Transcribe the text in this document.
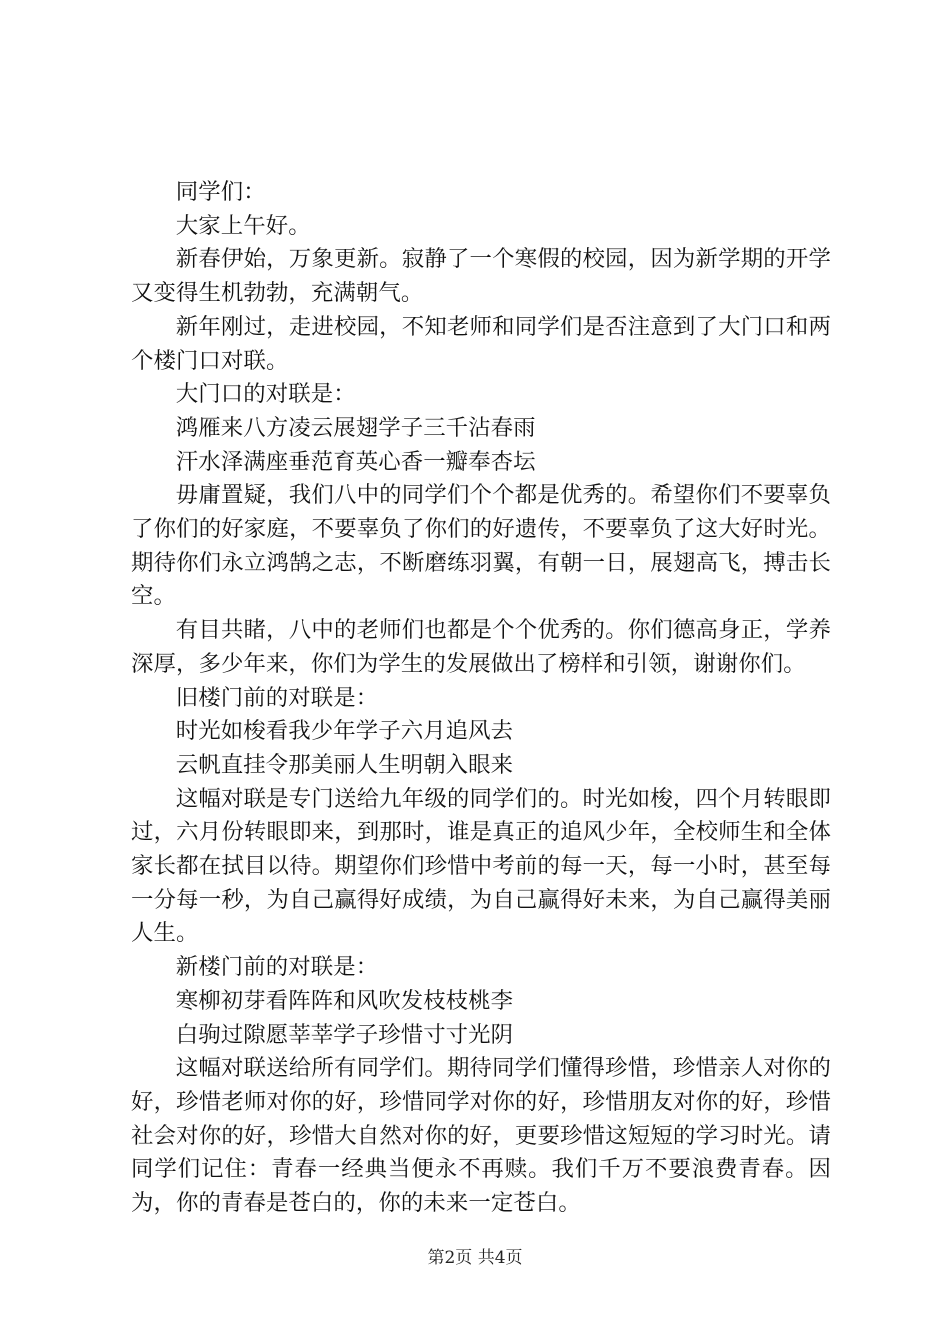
同学们：

大家上午好。

新春伊始，万象更新。寂静了一个寒假的校园，因为新学期的开学又变得生机勃勃，充满朝气。

新年刚过，走进校园，不知老师和同学们是否注意到了大门口和两个楼门口对联。

大门口的对联是：

鸿雁来八方凌云展翅学子三千沾春雨

汗水泽满座垂范育英心香一瓣奉杏坛

毋庸置疑，我们八中的同学们个个都是优秀的。希望你们不要辜负了你们的好家庭，不要辜负了你们的好遗传，不要辜负了这大好时光。期待你们永立鸿鹄之志，不断磨练羽翼，有朝一日，展翅高飞，搏击长空。

有目共睹，八中的老师们也都是个个优秀的。你们德高身正，学养深厚，多少年来，你们为学生的发展做出了榜样和引领，谢谢你们。

旧楼门前的对联是：

时光如梭看我少年学子六月追风去

云帆直挂令那美丽人生明朝入眼来

这幅对联是专门送给九年级的同学们的。时光如梭，四个月转眼即过，六月份转眼即来，到那时，谁是真正的追风少年，全校师生和全体家长都在拭目以待。期望你们珍惜中考前的每一天，每一小时，甚至每一分每一秒，为自己赢得好成绩，为自己赢得好未来，为自己赢得美丽人生。

新楼门前的对联是：

寒柳初芽看阵阵和风吹发枝枝桃李

白驹过隙愿莘莘学子珍惜寸寸光阴

这幅对联送给所有同学们。期待同学们懂得珍惜，珍惜亲人对你的好，珍惜老师对你的好，珍惜同学对你的好，珍惜朋友对你的好，珍惜社会对你的好，珍惜大自然对你的好，更要珍惜这短短的学习时光。请同学们记住：青春一经典当便永不再赎。我们千万不要浪费青春。因为，你的青春是苍白的，你的未来一定苍白。

第2页 共4页
